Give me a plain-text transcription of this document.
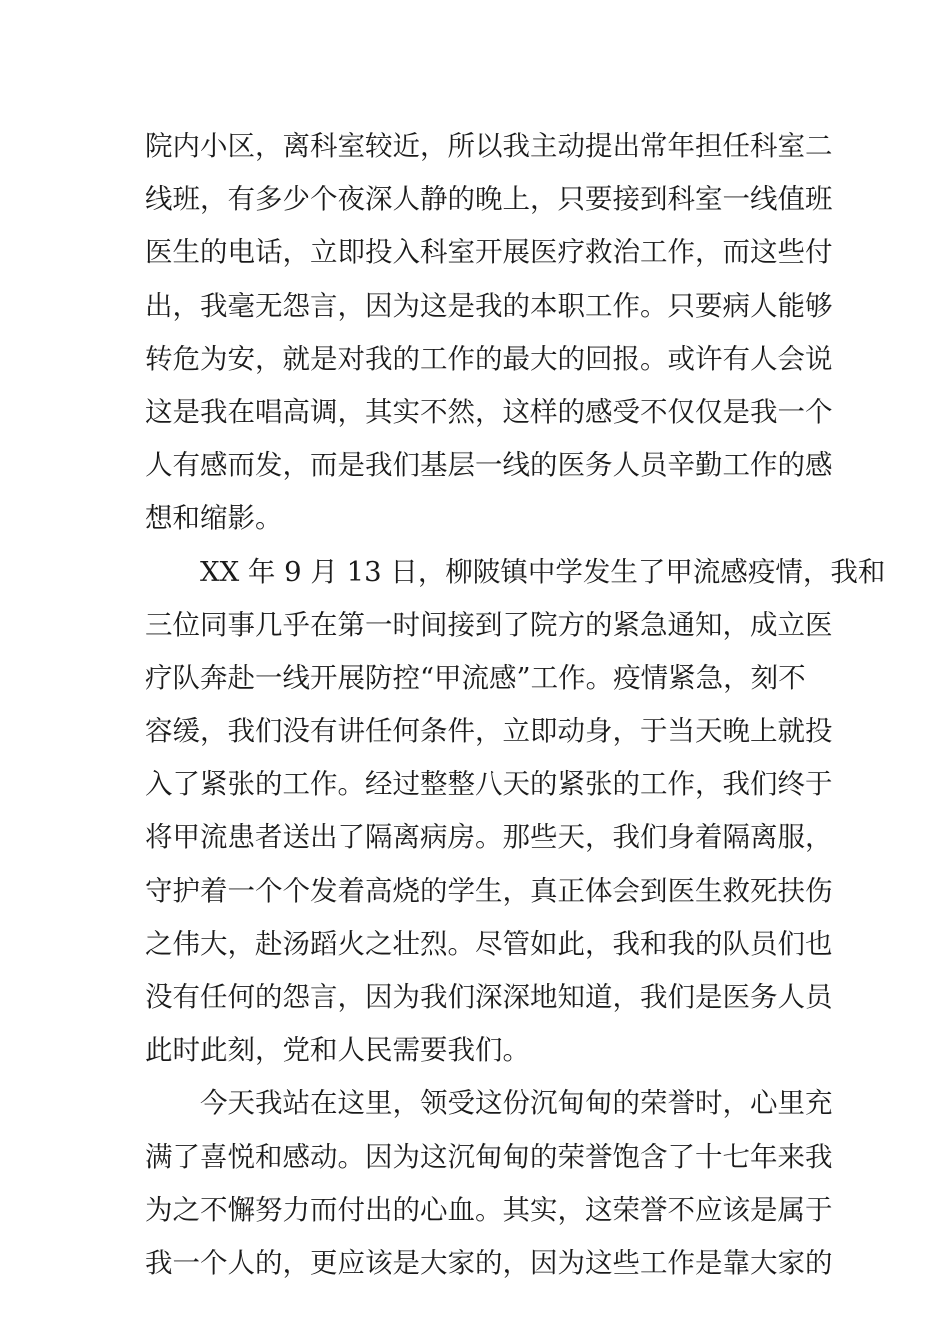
院内小区，离科室较近，所以我主动提出常年担任科室二
线班，有多少个夜深人静的晚上，只要接到科室一线值班
医生的电话，立即投入科室开展医疗救治工作，而这些付
出，我毫无怨言，因为这是我的本职工作。只要病人能够
转危为安，就是对我的工作的最大的回报。或许有人会说
这是我在唱高调，其实不然，这样的感受不仅仅是我一个
人有感而发，而是我们基层一线的医务人员辛勤工作的感
想和缩影。
XX 年 9 月 13 日，柳陂镇中学发生了甲流感疫情，我和
三位同事几乎在第一时间接到了院方的紧急通知，成立医
疗队奔赴一线开展防控“甲流感”工作。疫情紧急，刻不
容缓，我们没有讲任何条件，立即动身，于当天晚上就投
入了紧张的工作。经过整整八天的紧张的工作，我们终于
将甲流患者送出了隔离病房。那些天，我们身着隔离服，
守护着一个个发着高烧的学生，真正体会到医生救死扶伤
之伟大，赴汤蹈火之壮烈。尽管如此，我和我的队员们也
没有任何的怨言，因为我们深深地知道，我们是医务人员
此时此刻，党和人民需要我们。
今天我站在这里，领受这份沉甸甸的荣誉时，心里充
满了喜悦和感动。因为这沉甸甸的荣誉饱含了十七年来我
为之不懈努力而付出的心血。其实，这荣誉不应该是属于
我一个人的，更应该是大家的，因为这些工作是靠大家的
